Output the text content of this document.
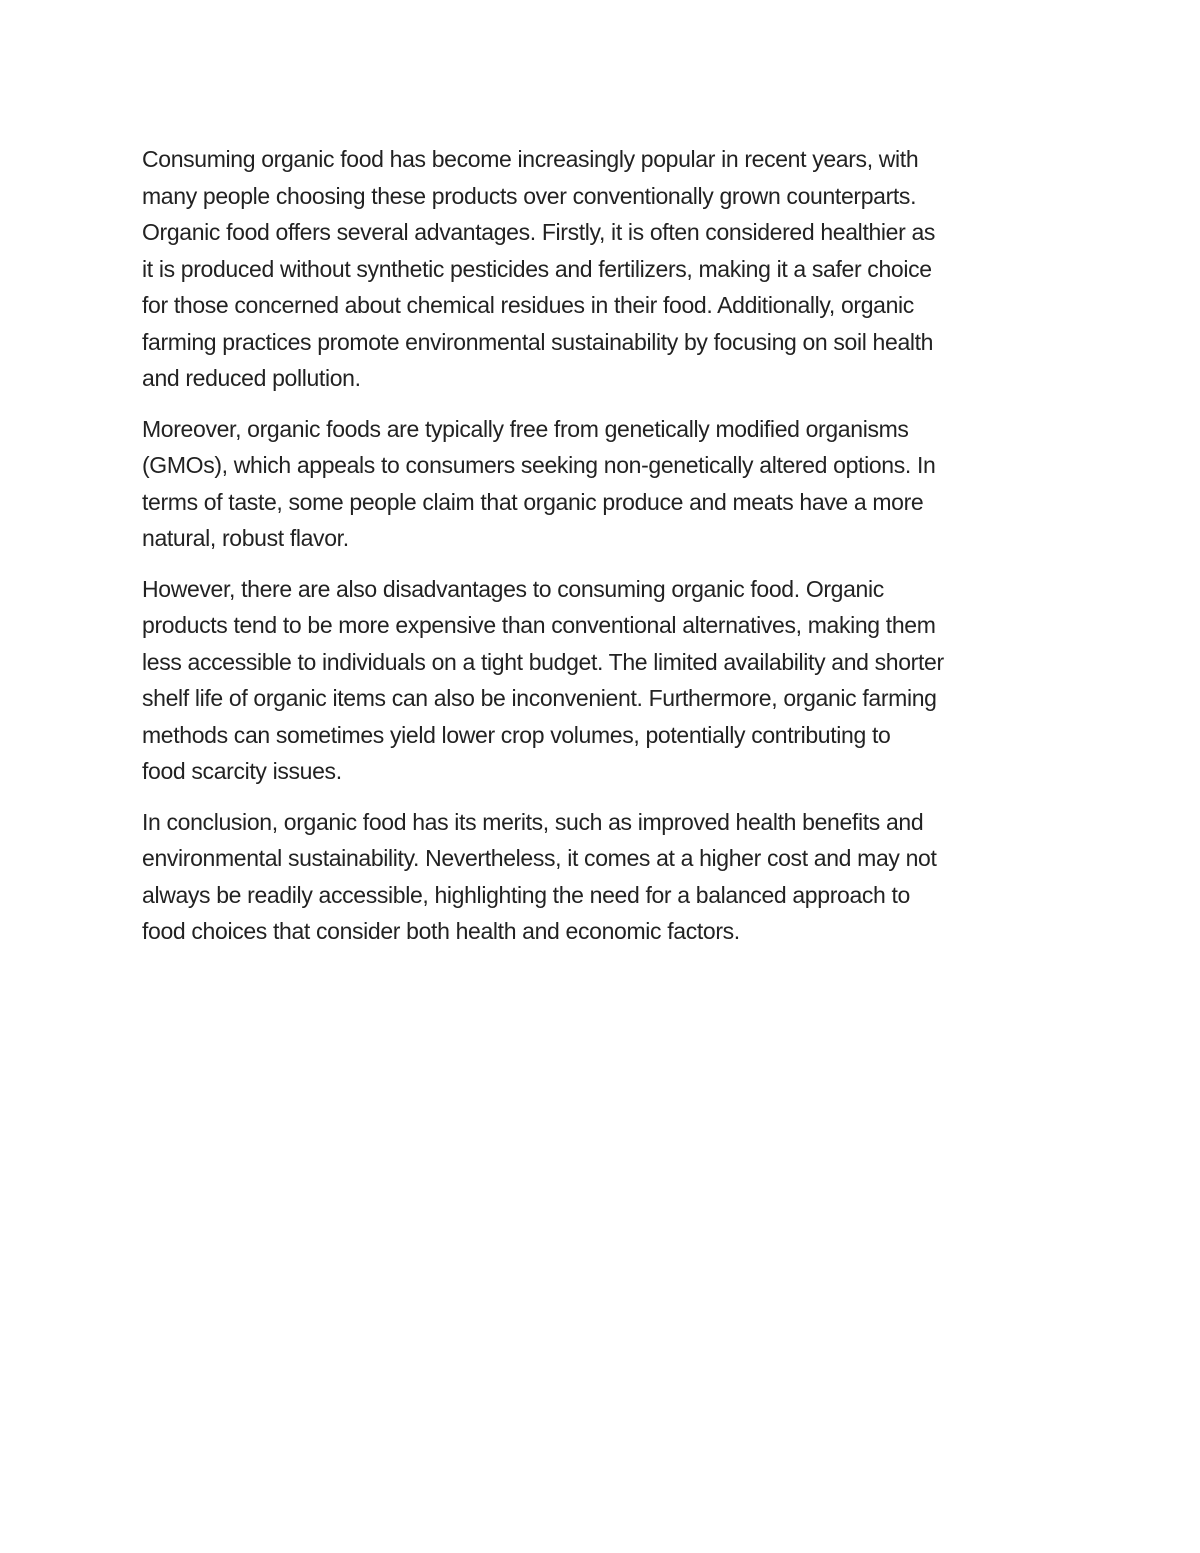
Consuming organic food has become increasingly popular in recent years, with
many people choosing these products over conventionally grown counterparts.
Organic food offers several advantages. Firstly, it is often considered healthier as
it is produced without synthetic pesticides and fertilizers, making it a safer choice
for those concerned about chemical residues in their food. Additionally, organic
farming practices promote environmental sustainability by focusing on soil health
and reduced pollution.

Moreover, organic foods are typically free from genetically modified organisms
(GMOs), which appeals to consumers seeking non-genetically altered options. In
terms of taste, some people claim that organic produce and meats have a more
natural, robust flavor.

However, there are also disadvantages to consuming organic food. Organic
products tend to be more expensive than conventional alternatives, making them
less accessible to individuals on a tight budget. The limited availability and shorter
shelf life of organic items can also be inconvenient. Furthermore, organic farming
methods can sometimes yield lower crop volumes, potentially contributing to
food scarcity issues.

In conclusion, organic food has its merits, such as improved health benefits and
environmental sustainability. Nevertheless, it comes at a higher cost and may not
always be readily accessible, highlighting the need for a balanced approach to
food choices that consider both health and economic factors.
